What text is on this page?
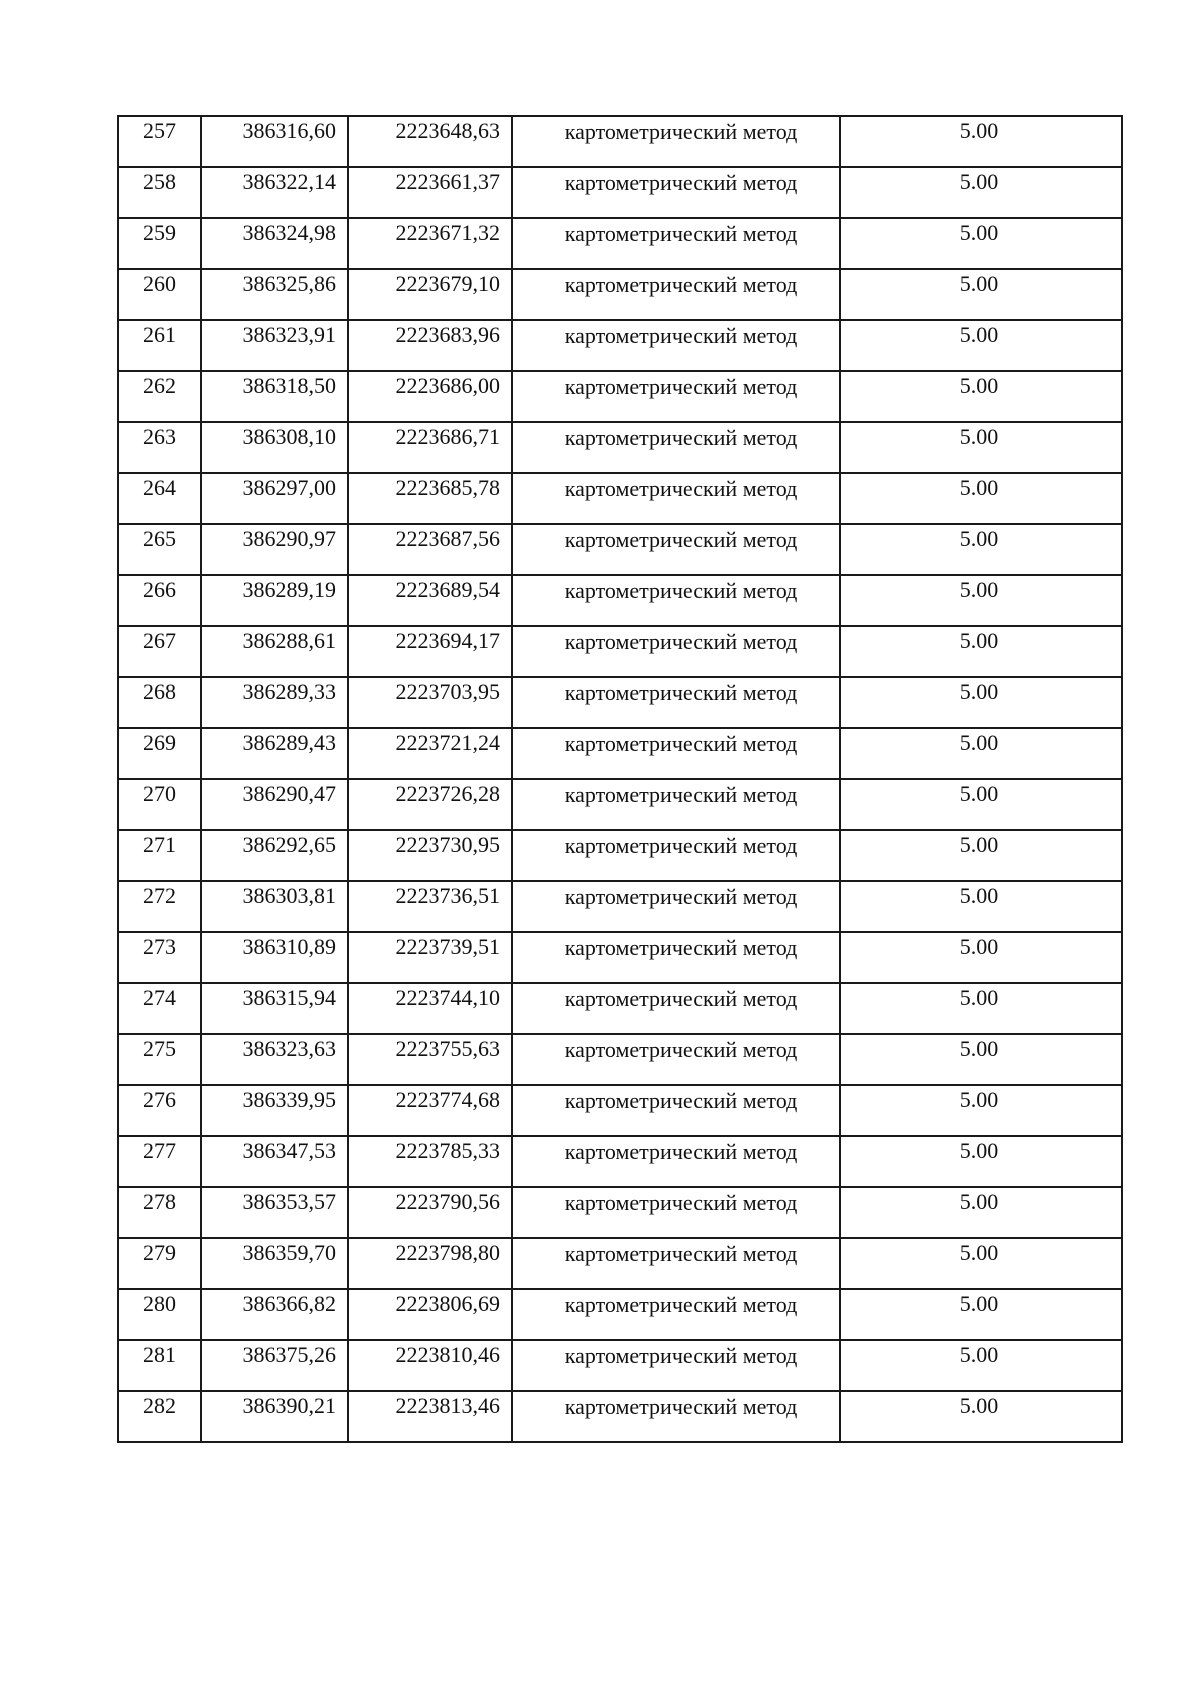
257	386316,60	2223648,63	картометрический метод	5.00

258	386322,14	2223661,37	картометрический метод	5.00

259	386324,98	2223671,32	картометрический метод	5.00

260	386325,86	2223679,10	картометрический метод	5.00

261	386323,91	2223683,96	картометрический метод	5.00

262	386318,50	2223686,00	картометрический метод	5.00

263	386308,10	2223686,71	картометрический метод	5.00

264	386297,00	2223685,78	картометрический метод	5.00

265	386290,97	2223687,56	картометрический метод	5.00

266	386289,19	2223689,54	картометрический метод	5.00

267	386288,61	2223694,17	картометрический метод	5.00

268	386289,33	2223703,95	картометрический метод	5.00

269	386289,43	2223721,24	картометрический метод	5.00

270	386290,47	2223726,28	картометрический метод	5.00

271	386292,65	2223730,95	картометрический метод	5.00

272	386303,81	2223736,51	картометрический метод	5.00

273	386310,89	2223739,51	картометрический метод	5.00

274	386315,94	2223744,10	картометрический метод	5.00

275	386323,63	2223755,63	картометрический метод	5.00

276	386339,95	2223774,68	картометрический метод	5.00

277	386347,53	2223785,33	картометрический метод	5.00

278	386353,57	2223790,56	картометрический метод	5.00

279	386359,70	2223798,80	картометрический метод	5.00

280	386366,82	2223806,69	картометрический метод	5.00

281	386375,26	2223810,46	картометрический метод	5.00

282	386390,21	2223813,46	картометрический метод	5.00
